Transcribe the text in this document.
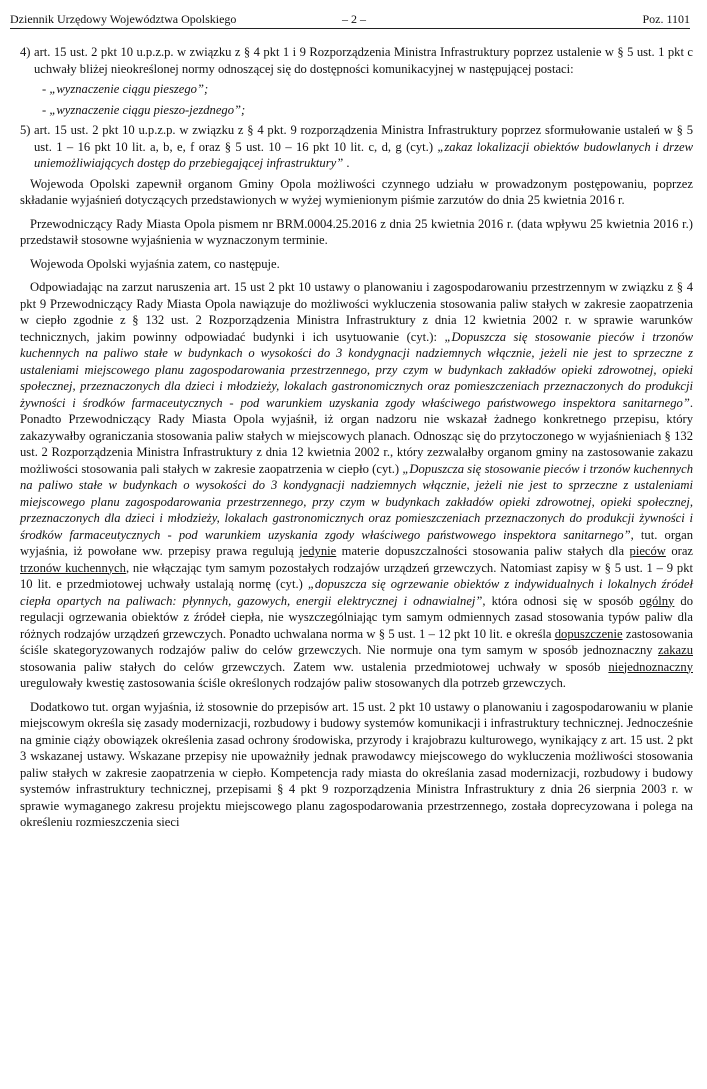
Dziennik Urzędowy Województwa Opolskiego	– 2 –	Poz. 1101

4) art. 15 ust. 2 pkt 10 u.p.z.p. w związku z § 4 pkt 1 i 9 Rozporządzenia Ministra Infrastruktury poprzez ustalenie w § 5 ust. 1 pkt c uchwały bliżej nieokreślonej normy odnoszącej się do dostępności komunikacyjnej w następującej postaci:

- „wyznaczenie ciągu pieszego”;

- „wyznaczenie ciągu pieszo-jezdnego”;

5) art. 15 ust. 2 pkt 10 u.p.z.p. w związku z § 4 pkt. 9 rozporządzenia Ministra Infrastruktury poprzez sformułowanie ustaleń w § 5 ust. 1 – 16 pkt 10 lit. a, b, e, f oraz § 5 ust. 10 – 16 pkt 10 lit. c, d, g (cyt.) „zakaz lokalizacji obiektów budowlanych i drzew uniemożliwiających dostęp do przebiegającej infrastruktury” .

Wojewoda Opolski zapewnił organom Gminy Opola możliwości czynnego udziału w prowadzonym postępowaniu, poprzez składanie wyjaśnień dotyczących przedstawionych w wyżej wymienionym piśmie zarzutów do dnia 25 kwietnia 2016 r.

Przewodniczący Rady Miasta Opola pismem nr BRM.0004.25.2016 z dnia 25 kwietnia 2016 r. (data wpływu 25 kwietnia 2016 r.) przedstawił stosowne wyjaśnienia w wyznaczonym terminie.

Wojewoda Opolski wyjaśnia zatem, co następuje.

Odpowiadając na zarzut naruszenia art. 15 ust 2 pkt 10 ustawy o planowaniu i zagospodarowaniu przestrzennym w związku z § 4 pkt 9 Przewodniczący Rady Miasta Opola nawiązuje do możliwości wykluczenia stosowania paliw stałych w zakresie zaopatrzenia w ciepło zgodnie z § 132 ust. 2 Rozporządzenia Ministra Infrastruktury z dnia 12 kwietnia 2002 r. w sprawie warunków technicznych, jakim powinny odpowiadać budynki i ich usytuowanie (cyt.): „Dopuszcza się stosowanie pieców i trzonów kuchennych na paliwo stałe w budynkach o wysokości do 3 kondygnacji nadziemnych włącznie, jeżeli nie jest to sprzeczne z ustaleniami miejscowego planu zagospodarowania przestrzennego, przy czym w budynkach zakładów opieki zdrowotnej, opieki społecznej, przeznaczonych dla dzieci i młodzieży, lokalach gastronomicznych oraz pomieszczeniach przeznaczonych do produkcji żywności i środków farmaceutycznych - pod warunkiem uzyskania zgody właściwego państwowego inspektora sanitarnego”. Ponadto Przewodniczący Rady Miasta Opola wyjaśnił, iż organ nadzoru nie wskazał żadnego konkretnego przepisu, który zakazywałby ograniczania stosowania paliw stałych w miejscowych planach. Odnosząc się do przytoczonego w wyjaśnieniach § 132 ust. 2 Rozporządzenia Ministra Infrastruktury z dnia 12 kwietnia 2002 r., który zezwalałby organom gminy na zastosowanie zakazu możliwości stosowania pali stałych w zakresie zaopatrzenia w ciepło (cyt.) „Dopuszcza się stosowanie pieców i trzonów kuchennych na paliwo stałe w budynkach o wysokości do 3 kondygnacji nadziemnych włącznie, jeżeli nie jest to sprzeczne z ustaleniami miejscowego planu zagospodarowania przestrzennego, przy czym w budynkach zakładów opieki zdrowotnej, opieki społecznej, przeznaczonych dla dzieci i młodzieży, lokalach gastronomicznych oraz pomieszczeniach przeznaczonych do produkcji żywności i środków farmaceutycznych - pod warunkiem uzyskania zgody właściwego państwowego inspektora sanitarnego”, tut. organ wyjaśnia, iż powołane ww. przepisy prawa regulują jedynie materie dopuszczalności stosowania paliw stałych dla pieców oraz trzonów kuchennych, nie włączając tym samym pozostałych rodzajów urządzeń grzewczych. Natomiast zapisy w § 5 ust. 1 – 9 pkt 10 lit. e przedmiotowej uchwały ustalają normę (cyt.) „dopuszcza się ogrzewanie obiektów z indywidualnych i lokalnych źródeł ciepła opartych na paliwach: płynnych, gazowych, energii elektrycznej i odnawialnej”, która odnosi się w sposób ogólny do regulacji ogrzewania obiektów z źródeł ciepła, nie wyszczególniając tym samym odmiennych zasad stosowania typów paliw dla różnych rodzajów urządzeń grzewczych. Ponadto uchwalana norma w § 5 ust. 1 – 12 pkt 10 lit. e określa dopuszczenie zastosowania ściśle skategoryzowanych rodzajów paliw do celów grzewczych. Nie normuje ona tym samym w sposób jednoznaczny zakazu stosowania paliw stałych do celów grzewczych. Zatem ww. ustalenia przedmiotowej uchwały w sposób niejednoznaczny uregulowały kwestię zastosowania ściśle określonych rodzajów paliw stosowanych dla potrzeb grzewczych.

Dodatkowo tut. organ wyjaśnia, iż stosownie do przepisów art. 15 ust. 2 pkt 10 ustawy o planowaniu i zagospodarowaniu w planie miejscowym określa się zasady modernizacji, rozbudowy i budowy systemów komunikacji i infrastruktury technicznej. Jednocześnie na gminie ciąży obowiązek określenia zasad ochrony środowiska, przyrody i krajobrazu kulturowego, wynikający z art. 15 ust. 2 pkt 3 wskazanej ustawy. Wskazane przepisy nie upoważniły jednak prawodawcy miejscowego do wykluczenia możliwości stosowania paliw stałych w zakresie zaopatrzenia w ciepło. Kompetencja rady miasta do określania zasad modernizacji, rozbudowy i budowy systemów infrastruktury technicznej, przepisami § 4 pkt 9 rozporządzenia Ministra Infrastruktury z dnia 26 sierpnia 2003 r. w sprawie wymaganego zakresu projektu miejscowego planu zagospodarowania przestrzennego, została doprecyzowana i polega na określeniu rozmieszczenia sieci
